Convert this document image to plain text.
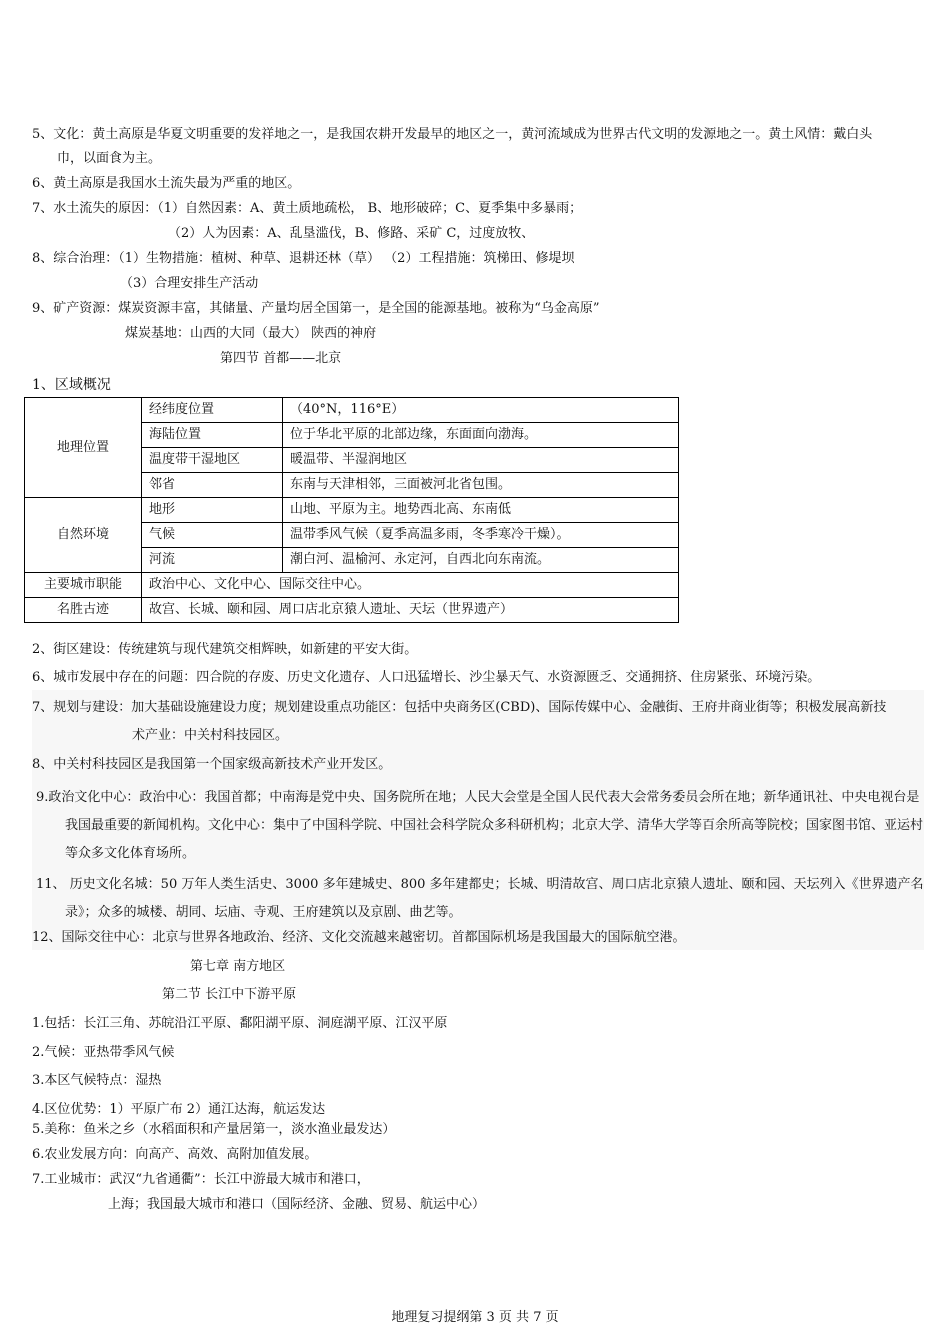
5、文化：黄土高原是华夏文明重要的发祥地之一，是我国农耕开发最早的地区之一，黄河流域成为世界古代文明的发源地之一。黄土风情：戴白头
巾，以面食为主。
6、黄土高原是我国水土流失最为严重的地区。
7、水土流失的原因：（1）自然因素：A、黄土质地疏松， B、地形破碎；C、夏季集中多暴雨；
（2）人为因素：A、乱垦滥伐，B、修路、采矿 C，过度放牧、
8、综合治理：（1）生物措施：植树、种草、退耕还林（草） （2）工程措施：筑梯田、修堤坝
（3）合理安排生产活动
9、矿产资源：煤炭资源丰富，其储量、产量均居全国第一，是全国的能源基地。被称为“乌金高原”
煤炭基地：山西的大同（最大） 陕西的神府
第四节 首都——北京
1、区域概况
地理位置	经纬度位置	（40°N，116°E）
	海陆位置	位于华北平原的北部边缘，东面面向渤海。
	温度带干湿地区	暖温带、半湿润地区
	邻省	东南与天津相邻，三面被河北省包围。
自然环境	地形	山地、平原为主。地势西北高、东南低
	气候	温带季风气候（夏季高温多雨，冬季寒冷干燥）。
	河流	潮白河、温榆河、永定河，自西北向东南流。
主要城市职能	政治中心、文化中心、国际交往中心。	
名胜古迹	故宫、长城、颐和园、周口店北京猿人遗址、天坛（世界遗产）	
2、街区建设：传统建筑与现代建筑交相辉映，如新建的平安大街。
6、城市发展中存在的问题：四合院的存废、历史文化遗存、人口迅猛增长、沙尘暴天气、水资源匮乏、交通拥挤、住房紧张、环境污染。
7、规划与建设：加大基础设施建设力度；规划建设重点功能区：包括中央商务区(CBD)、国际传媒中心、金融街、王府井商业街等；积极发展高新技
术产业：中关村科技园区。
8、中关村科技园区是我国第一个国家级高新技术产业开发区。
9.政治文化中心：政治中心：我国首都；中南海是党中央、国务院所在地；人民大会堂是全国人民代表大会常务委员会所在地；新华通讯社、中央电视台是我国最重要的新闻机构。文化中心：集中了中国科学院、中国社会科学院众多科研机构；北京大学、清华大学等百余所高等院校；国家图书馆、亚运村等众多文化体育场所。
11、 历史文化名城：50 万年人类生活史、3000 多年建城史、800 多年建都史；长城、明清故宫、周口店北京猿人遗址、颐和园、天坛列入《世界遗产名录》；众多的城楼、胡同、坛庙、寺观、王府建筑以及京剧、曲艺等。
12、国际交往中心：北京与世界各地政治、经济、文化交流越来越密切。首都国际机场是我国最大的国际航空港。
第七章 南方地区
第二节 长江中下游平原
1.包括：长江三角、苏皖沿江平原、鄱阳湖平原、洞庭湖平原、江汉平原
2.气候：亚热带季风气候
3.本区气候特点：湿热
4.区位优势：1）平原广布 2）通江达海，航运发达
5.美称：鱼米之乡（水稻面积和产量居第一，淡水渔业最发达）
6.农业发展方向：向高产、高效、高附加值发展。
7.工业城市：武汉“九省通衢”：长江中游最大城市和港口，
上海；我国最大城市和港口（国际经济、金融、贸易、航运中心）
地理复习提纲第 3 页 共 7 页
